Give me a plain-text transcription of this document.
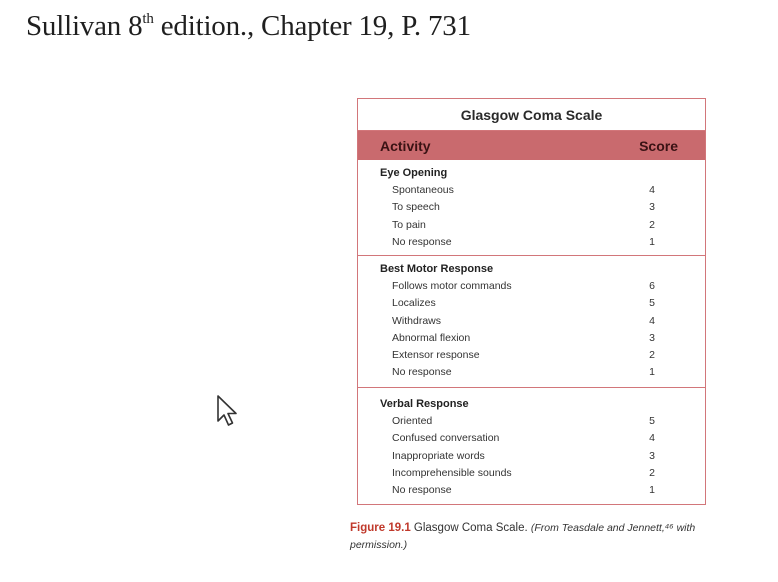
Sullivan 8th edition., Chapter 19, P. 731
Glasgow Coma Scale
Activity	Score
Eye Opening
Spontaneous	4
To speech	3
To pain	2
No response	1
Best Motor Response
Follows motor commands	6
Localizes	5
Withdraws	4
Abnormal flexion	3
Extensor response	2
No response	1
Verbal Response
Oriented	5
Confused conversation	4
Inappropriate words	3
Incomprehensible sounds	2
No response	1
Figure 19.1 Glasgow Coma Scale. (From Teasdale and Jennett,⁴⁶ with permission.)
